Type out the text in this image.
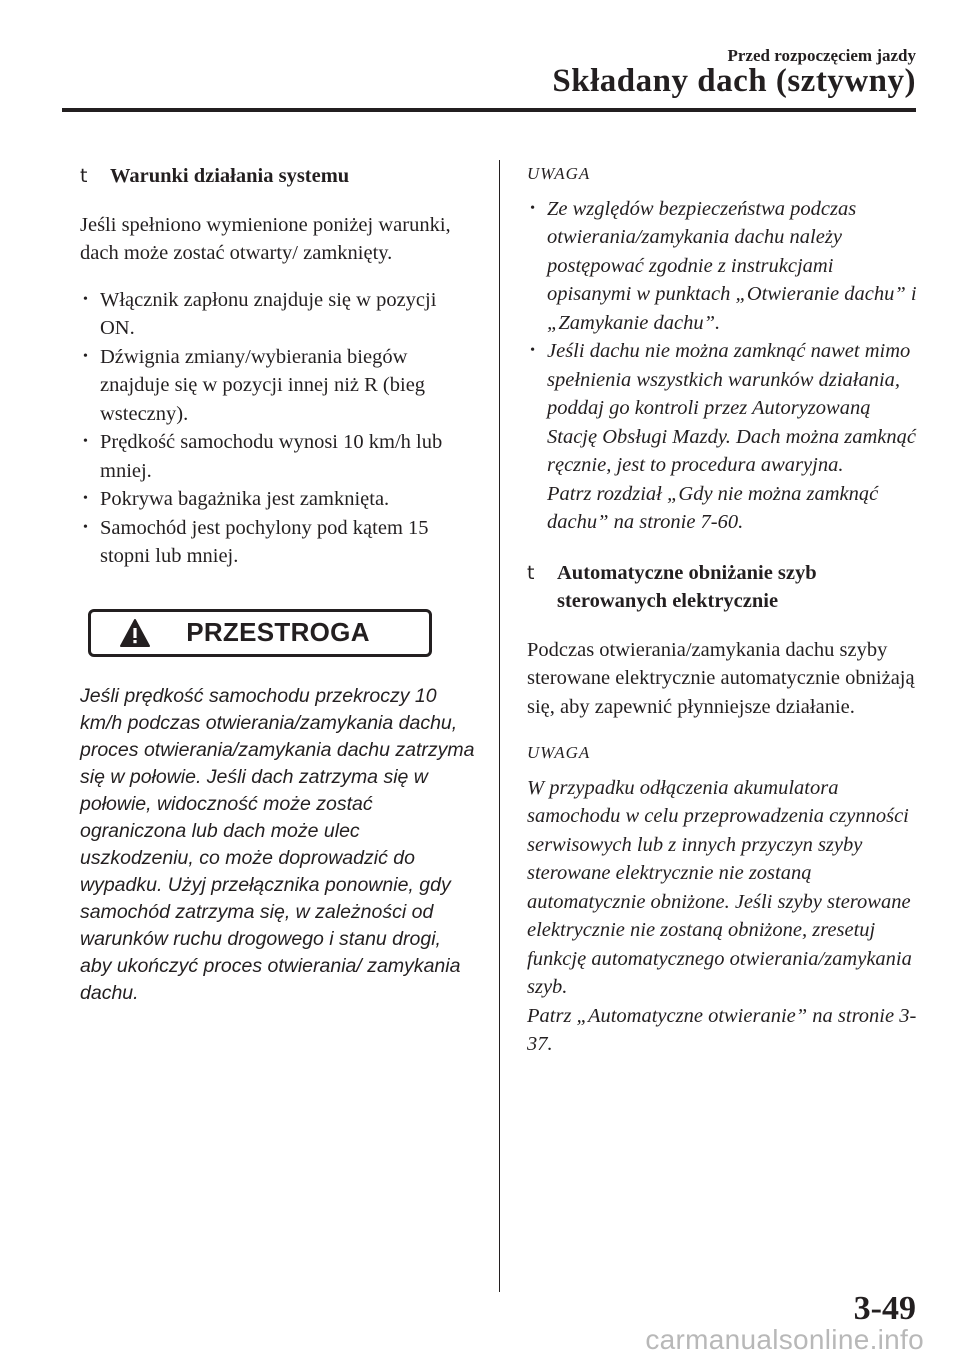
Przed rozpoczęciem jazdy
Składany dach (sztywny)
t Warunki działania systemu

Jeśli spełniono wymienione poniżej warunki, dach może zostać otwarty/ zamknięty.

• Włącznik zapłonu znajduje się w pozycji ON.
• Dźwignia zmiany/wybierania biegów znajduje się w pozycji innej niż R (bieg wsteczny).
• Prędkość samochodu wynosi 10 km/h lub mniej.
• Pokrywa bagażnika jest zamknięta.
• Samochód jest pochylony pod kątem 15 stopni lub mniej.
PRZESTROGA

Jeśli prędkość samochodu przekroczy 10 km/h podczas otwierania/zamykania dachu, proces otwierania/zamykania dachu zatrzyma się w połowie. Jeśli dach zatrzyma się w połowie, widoczność może zostać ograniczona lub dach może ulec uszkodzeniu, co może doprowadzić do wypadku. Użyj przełącznika ponownie, gdy samochód zatrzyma się, w zależności od warunków ruchu drogowego i stanu drogi, aby ukończyć proces otwierania/ zamykania dachu.

UWAGA

• Ze względów bezpieczeństwa podczas otwierania/zamykania dachu należy postępować zgodnie z instrukcjami opisanymi w punktach „Otwieranie dachu” i „Zamykanie dachu”.
• Jeśli dachu nie można zamknąć nawet mimo spełnienia wszystkich warunków działania, poddaj go kontroli przez Autoryzowaną Stację Obsługi Mazdy. Dach można zamknąć ręcznie, jest to procedura awaryjna.
Patrz rozdział „Gdy nie można zamknąć dachu” na stronie 7-60.
t Automatyczne obniżanie szyb sterowanych elektrycznie

Podczas otwierania/zamykania dachu szyby sterowane elektrycznie automatycznie obniżają się, aby zapewnić płynniejsze działanie.

UWAGA

W przypadku odłączenia akumulatora samochodu w celu przeprowadzenia czynności serwisowych lub z innych przyczyn szyby sterowane elektrycznie nie zostaną automatycznie obniżone. Jeśli szyby sterowane elektrycznie nie zostaną obniżone, zresetuj funkcję automatycznego otwierania/zamykania szyb.

Patrz „Automatyczne otwieranie” na stronie 3-37.

3-49
carmanualsonline.info
